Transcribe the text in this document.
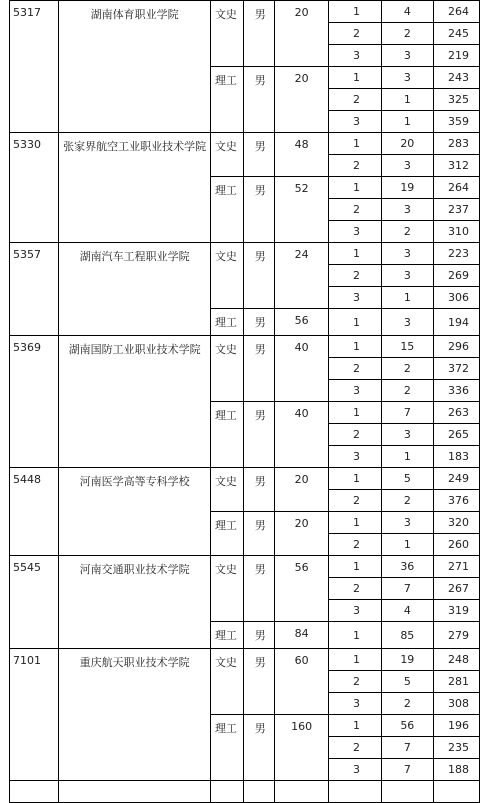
5317	湖南体育职业学院	文史	男	20	1	4	264
					2	2	245
					3	3	219
		理工	男	20	1	3	243
					2	1	325
					3	1	359
5330	张家界航空工业职业技术学院	文史	男	48	1	20	283
					2	3	312
		理工	男	52	1	19	264
					2	3	237
					3	2	310
5357	湖南汽车工程职业学院	文史	男	24	1	3	223
					2	3	269
					3	1	306
		理工	男	56	1	3	194
5369	湖南国防工业职业技术学院	文史	男	40	1	15	296
					2	2	372
					3	2	336
		理工	男	40	1	7	263
					2	3	265
					3	1	183
5448	河南医学高等专科学校	文史	男	20	1	5	249
					2	2	376
		理工	男	20	1	3	320
					2	1	260
5545	河南交通职业技术学院	文史	男	56	1	36	271
					2	7	267
					3	4	319
		理工	男	84	1	85	279
7101	重庆航天职业技术学院	文史	男	60	1	19	248
					2	5	281
					3	2	308
		理工	男	160	1	56	196
					2	7	235
					3	7	188
